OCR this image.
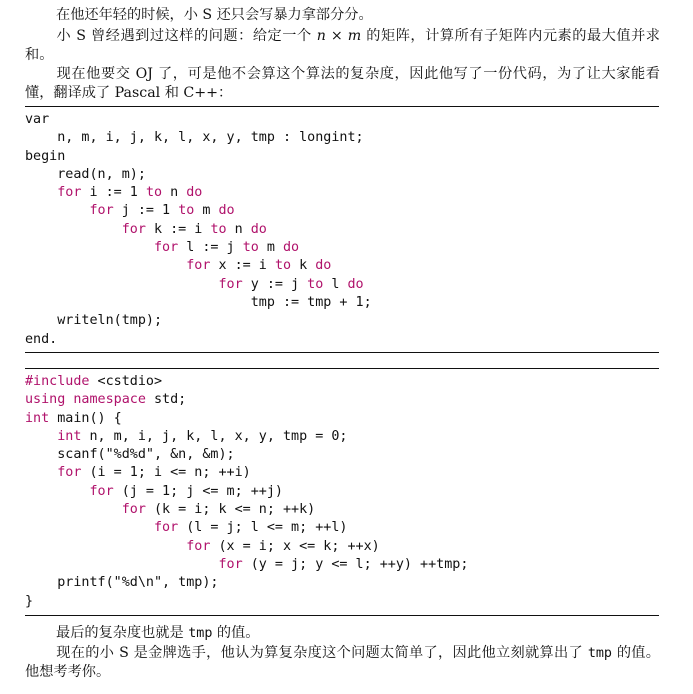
在他还年轻的时候，小 S 还只会写暴力拿部分分。

小 S 曾经遇到过这样的问题：给定一个 n × m 的矩阵，计算所有子矩阵内元素的最大值并求和。

现在他要交 OJ 了，可是他不会算这个算法的复杂度，因此他写了一份代码，为了让大家能看懂，翻译成了 Pascal 和 C++：

var
n, m, i, j, k, l, x, y, tmp : longint;
begin
read(n, m);
for i := 1 to n do
for j := 1 to m do
for k := i to n do
for l := j to m do
for x := i to k do
for y := j to l do
tmp := tmp + 1;
writeln(tmp);
end.
#include <cstdio>
using namespace std;
int main() {
int n, m, i, j, k, l, x, y, tmp = 0;
scanf("%d%d", &n, &m);
for (i = 1; i <= n; ++i)
for (j = 1; j <= m; ++j)
for (k = i; k <= n; ++k)
for (l = j; l <= m; ++l)
for (x = i; x <= k; ++x)
for (y = j; y <= l; ++y) ++tmp;
printf("%d\n", tmp);
}

最后的复杂度也就是 tmp 的值。

现在的小 S 是金牌选手，他认为算复杂度这个问题太简单了，因此他立刻就算出了 tmp 的值。他想考考你。
